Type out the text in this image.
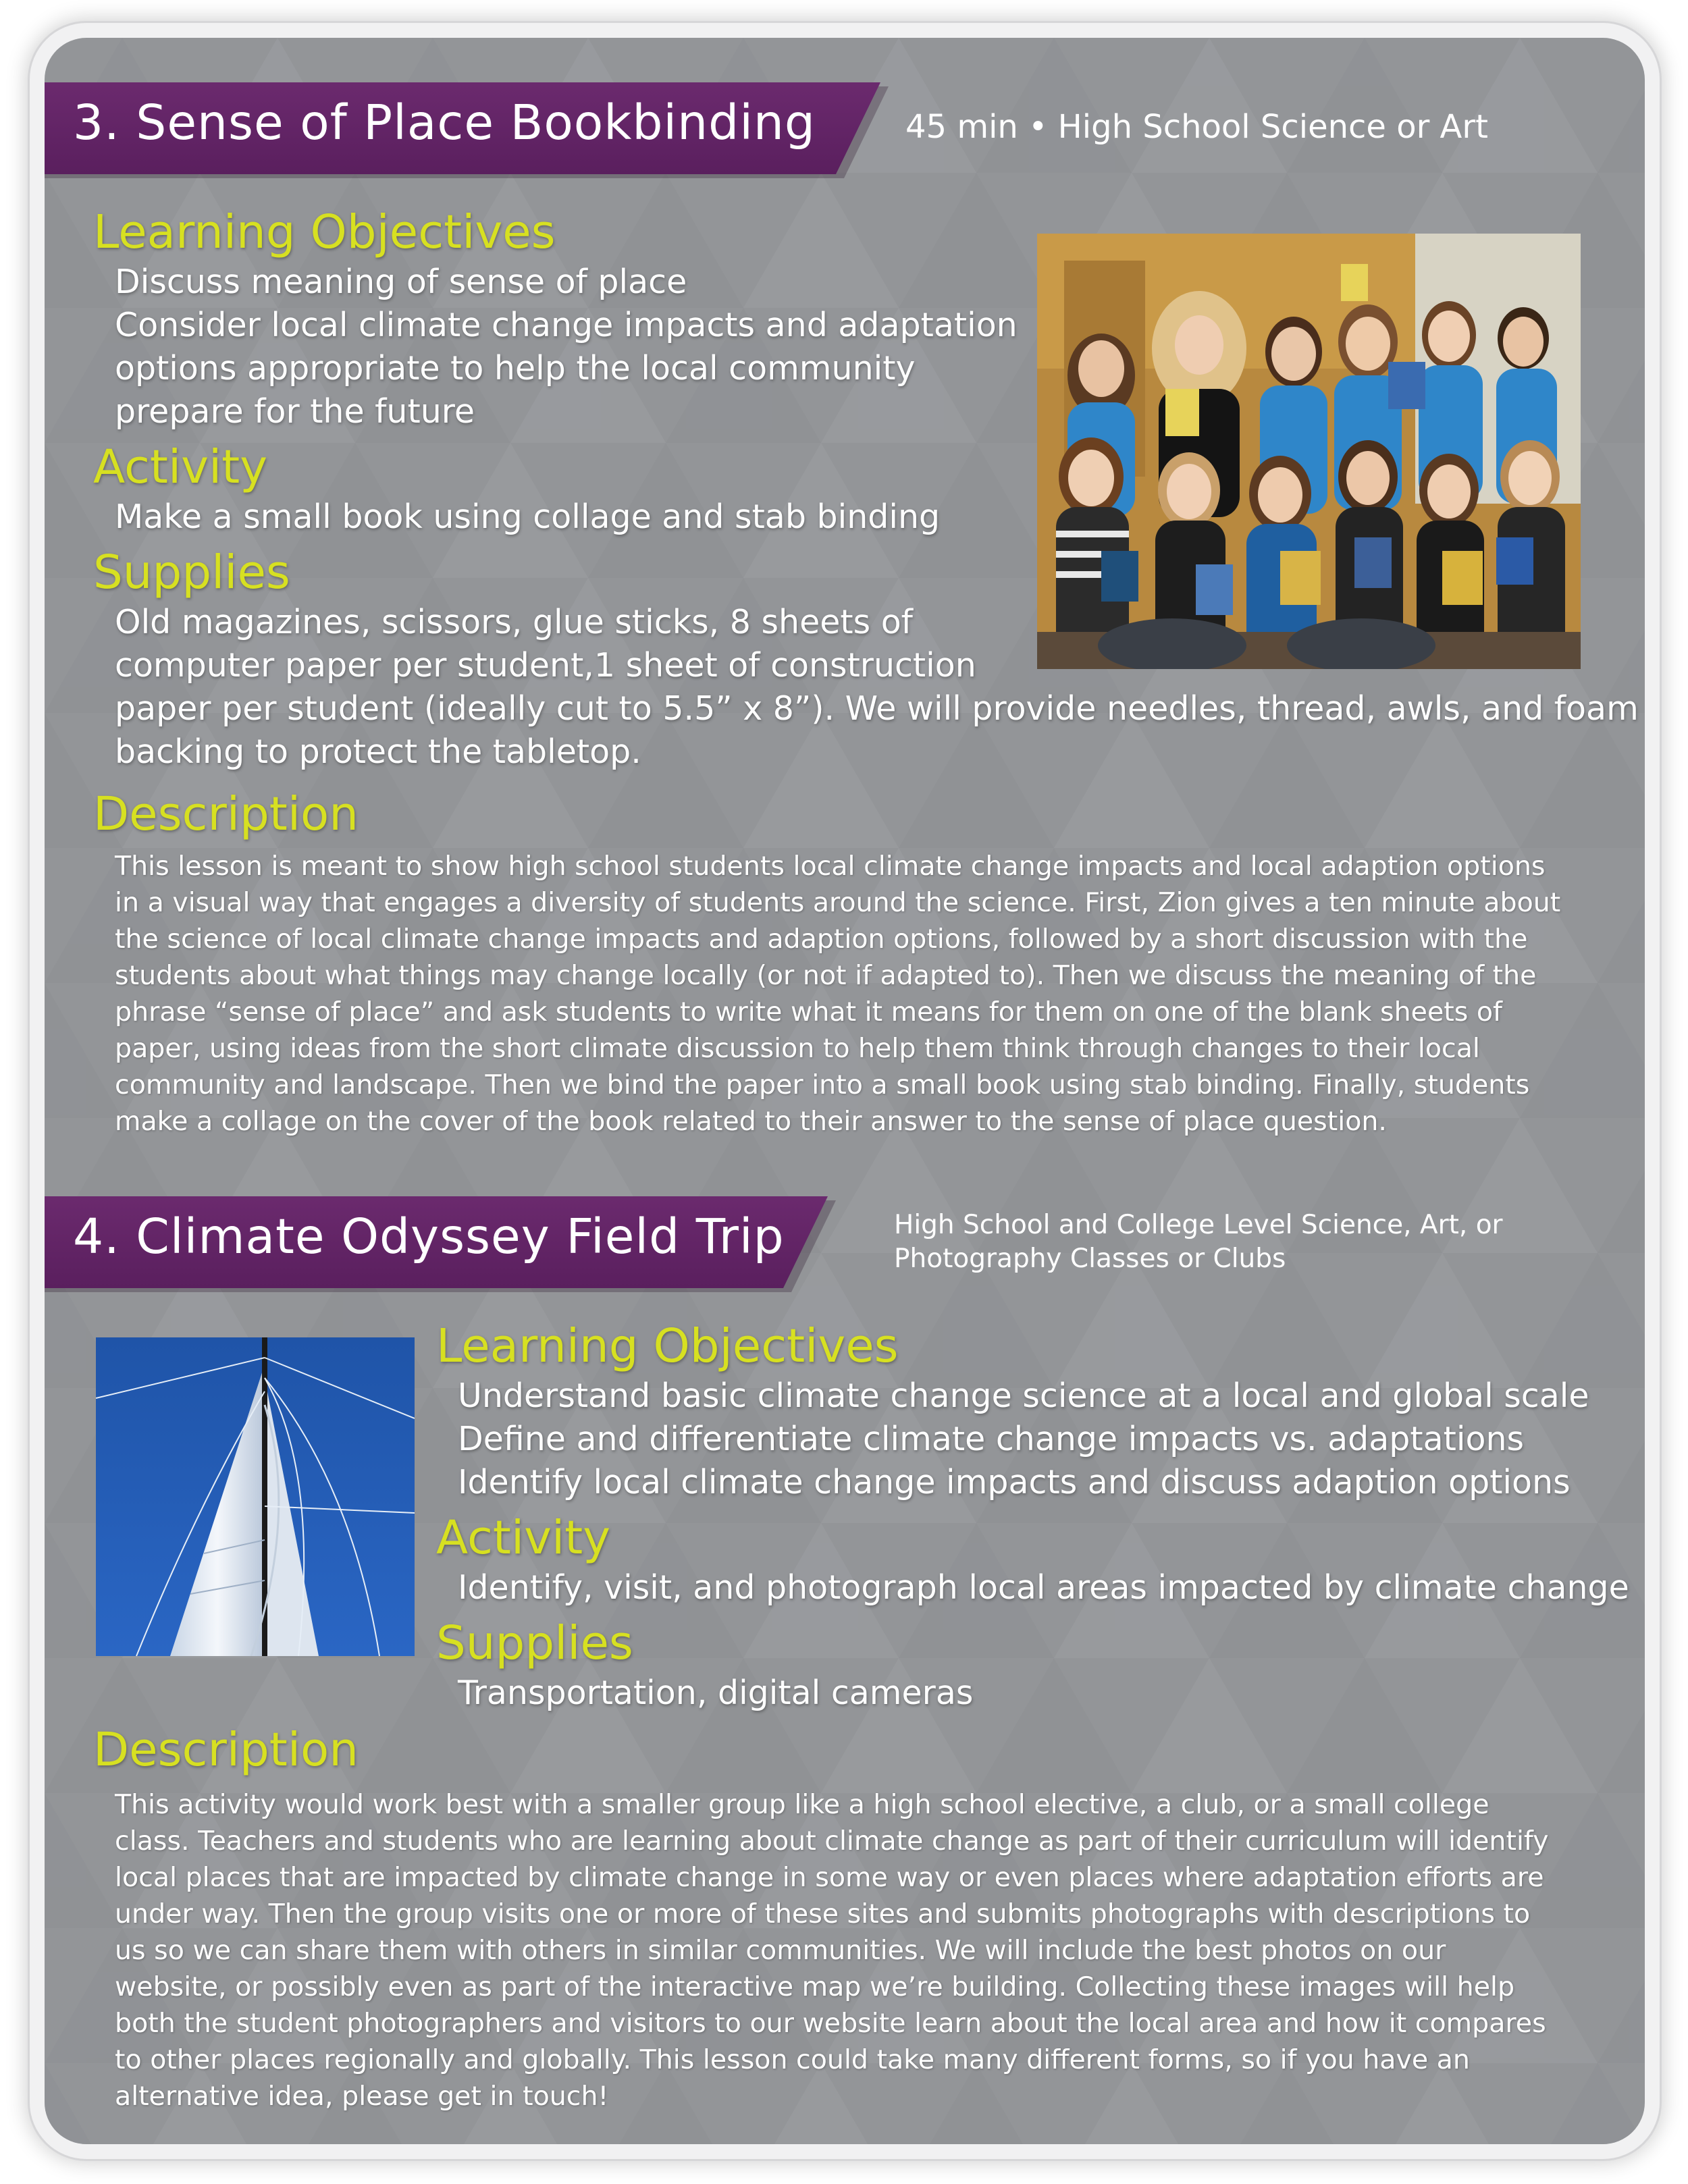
3. Sense of Place Bookbinding	45 min • High School Science or Art
Learning Objectives
Discuss meaning of sense of place
Consider local climate change impacts and adaptation
options appropriate to help the local community
prepare for the future
Activity
Make a small book using collage and stab binding
Supplies
Old magazines, scissors, glue sticks, 8 sheets of
computer paper per student,1 sheet of construction
paper per student (ideally cut to 5.5” x 8”). We will provide needles, thread, awls, and foam
backing to protect the tabletop.
Description
This lesson is meant to show high school students local climate change impacts and local adaption options
in a visual way that engages a diversity of students around the science. First, Zion gives a ten minute about
the science of local climate change impacts and adaption options, followed by a short discussion with the
students about what things may change locally (or not if adapted to). Then we discuss the meaning of the
phrase “sense of place” and ask students to write what it means for them on one of the blank sheets of
paper, using ideas from the short climate discussion to help them think through changes to their local
community and landscape. Then we bind the paper into a small book using stab binding. Finally, students
make a collage on the cover of the book related to their answer to the sense of place question.
4. Climate Odyssey Field Trip	High School and College Level Science, Art, or
Photography Classes or Clubs
Learning Objectives
Understand basic climate change science at a local and global scale
Define and differentiate climate change impacts vs. adaptations
Identify local climate change impacts and discuss adaption options
Activity
Identify, visit, and photograph local areas impacted by climate change
Supplies
Transportation, digital cameras
Description
This activity would work best with a smaller group like a high school elective, a club, or a small college
class. Teachers and students who are learning about climate change as part of their curriculum will identify
local places that are impacted by climate change in some way or even places where adaptation efforts are
under way. Then the group visits one or more of these sites and submits photographs with descriptions to
us so we can share them with others in similar communities. We will include the best photos on our
website, or possibly even as part of the interactive map we’re building. Collecting these images will help
both the student photographers and visitors to our website learn about the local area and how it compares
to other places regionally and globally. This lesson could take many different forms, so if you have an
alternative idea, please get in touch!
